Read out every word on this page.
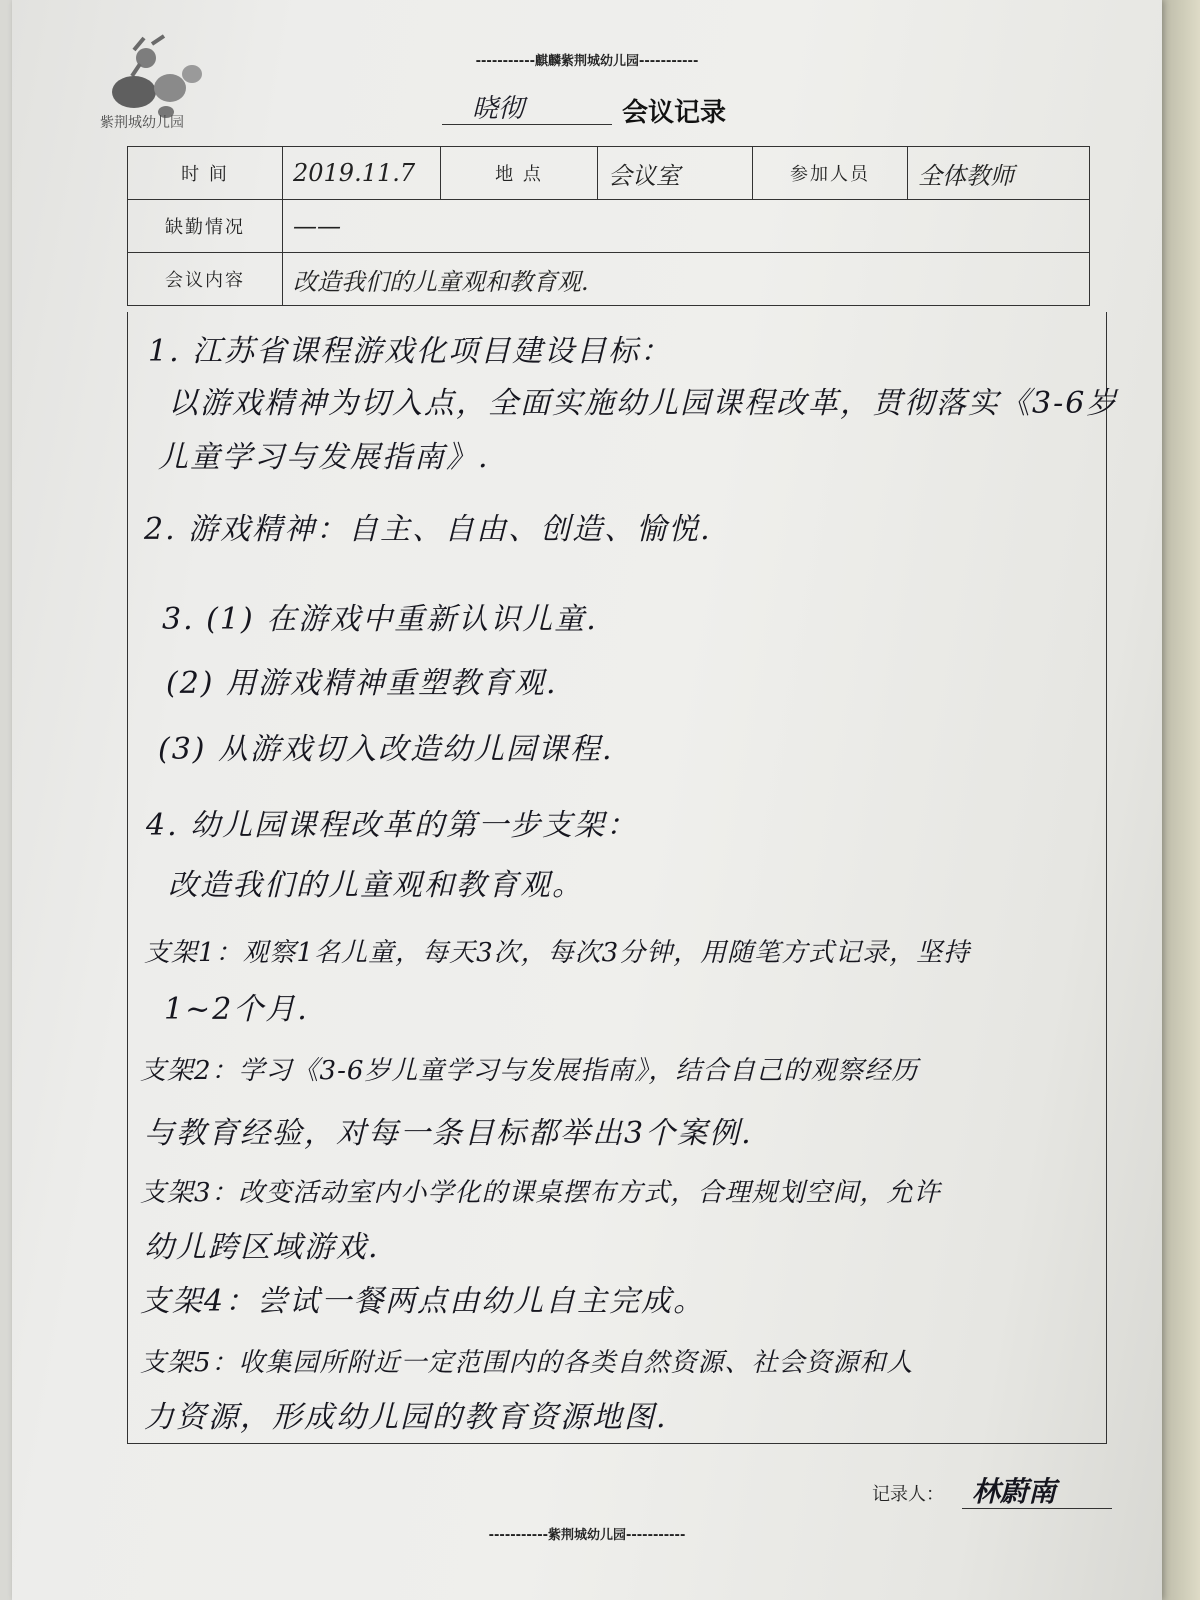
紫荆城幼儿园
-----------麒麟紫荆城幼儿园-----------
晓彻	会议记录
时 间	2019.11.7	地 点	会议室	参加人员	全体教师
缺勤情况	——				
会议内容	改造我们的儿童观和教育观.				
1. 江苏省课程游戏化项目建设目标：
以游戏精神为切入点，全面实施幼儿园课程改革，贯彻落实《3-6岁
儿童学习与发展指南》.
2. 游戏精神：自主、自由、创造、愉悦.
3. (1) 在游戏中重新认识儿童.
(2) 用游戏精神重塑教育观.
(3) 从游戏切入改造幼儿园课程.
4. 幼儿园课程改革的第一步支架：
改造我们的儿童观和教育观。
支架1：观察1名儿童，每天3次，每次3分钟，用随笔方式记录，坚持
1~2个月.
支架2：学习《3-6岁儿童学习与发展指南》，结合自己的观察经历
与教育经验，对每一条目标都举出3个案例.
支架3：改变活动室内小学化的课桌摆布方式，合理规划空间，允许
幼儿跨区域游戏.
支架4：尝试一餐两点由幼儿自主完成。
支架5：收集园所附近一定范围内的各类自然资源、社会资源和人
力资源，形成幼儿园的教育资源地图.
记录人： 林蔚南
-----------紫荆城幼儿园-----------
